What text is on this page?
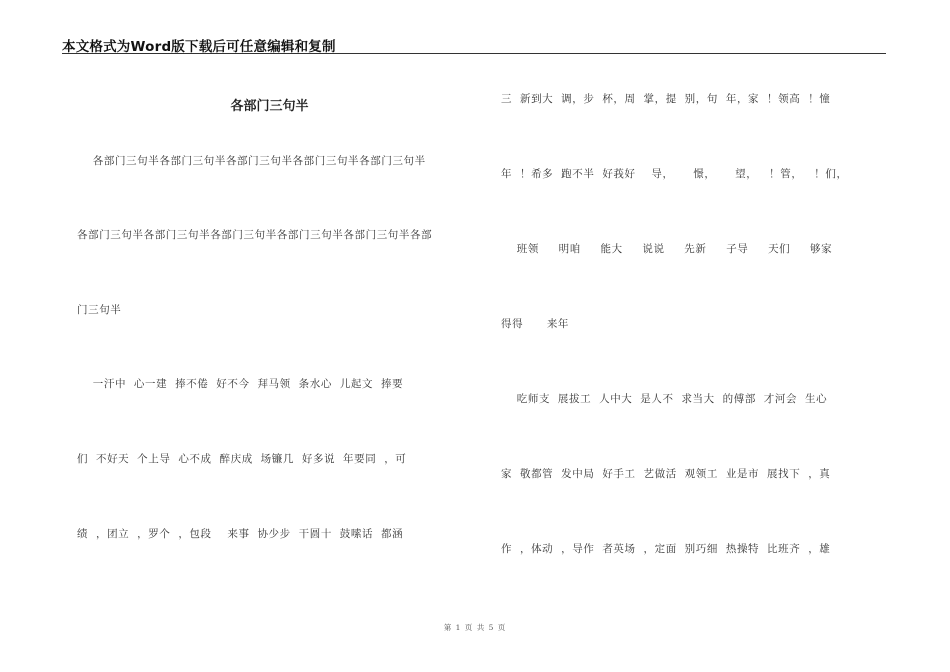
本文格式为Word版下载后可任意编辑和复制
各部门三句半
各部门三句半各部门三句半各部门三句半各部门三句半各部门三句半
各部门三句半各部门三句半各部门三句半各部门三句半各部门三句半各部
门三句半
一汗中  心一建  捧不倦  好不今  拜马领  条水心  儿起文  捧要
们  不好天  个上导  心不成  醉庆成  场镰几  好多说  年要同  ，可
绩  ，团立  ，罗个  ，包段    来事  协少步  干圆十  鼓嗦话  都涵
三  新到大  调，步  杯，周  掌，提  别，句  年，家  ！领高  ！憧
年  ！希多  跑不半  好莪好    导，     憬，     望，   ！管，   ！们，
班领     明咱     能大     说说     先新     子导     天们     够家
得得      来年
吃师支  展拔工  人中大  是人不  求当大  的傅部  才河会  生心
家  敬都管  发中局  好手工  艺做活  观领工  业是市  展找下  ，真
作  ，体动  ，导作  者英场  ，定面  别巧细  热操特  比班齐  ，雄
第 1 页 共 5 页
